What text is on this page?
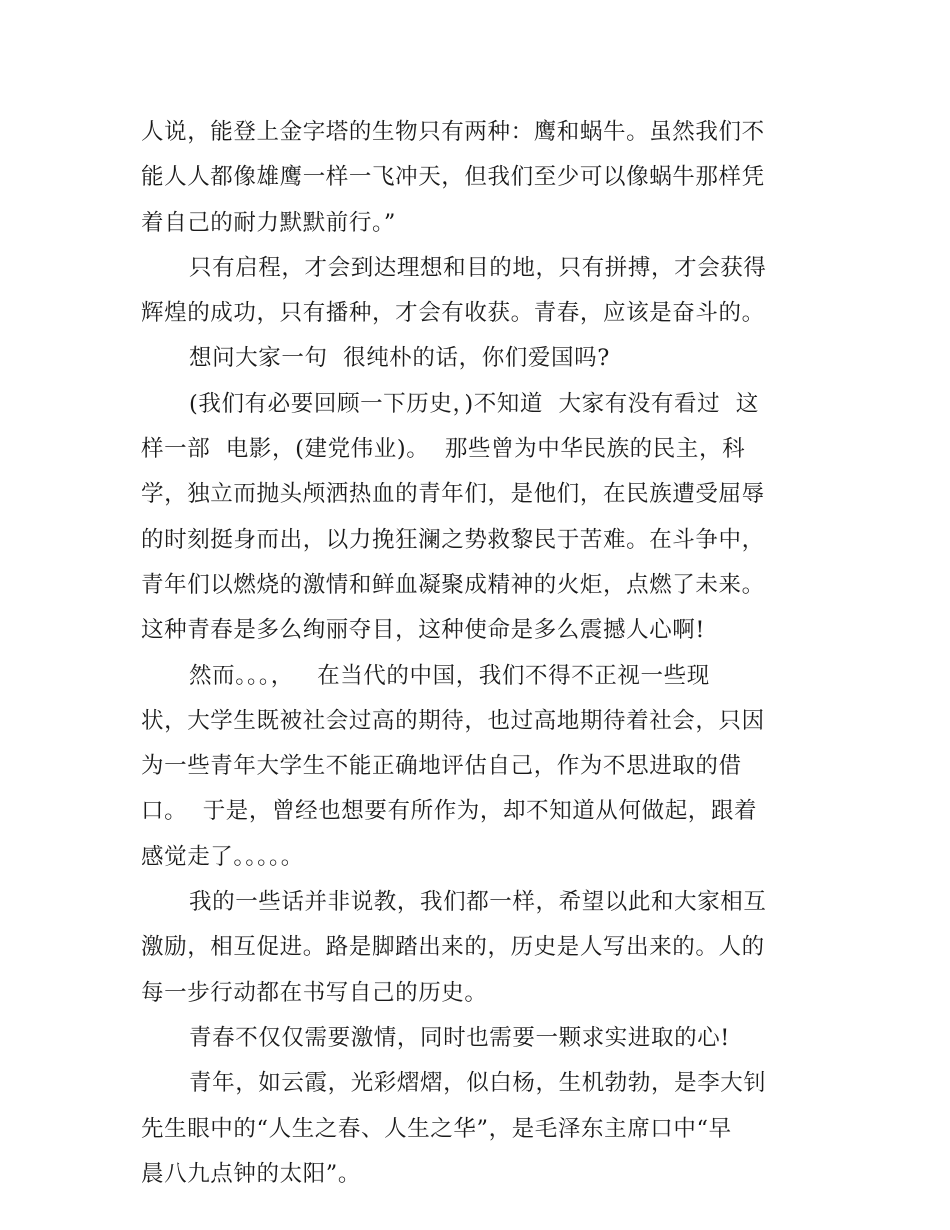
人说，能登上金字塔的生物只有两种：鹰和蜗牛。虽然我们不
能人人都像雄鹰一样一飞冲天，但我们至少可以像蜗牛那样凭
着自己的耐力默默前行。”
只有启程，才会到达理想和目的地，只有拼搏，才会获得
辉煌的成功，只有播种，才会有收获。青春，应该是奋斗的。
想问大家一句  很纯朴的话，你们爱国吗?
(我们有必要回顾一下历史，)不知道  大家有没有看过  这
样一部  电影，(建党伟业)。  那些曾为中华民族的民主，科
学，独立而抛头颅洒热血的青年们，是他们，在民族遭受屈辱
的时刻挺身而出，以力挽狂澜之势救黎民于苦难。在斗争中，
青年们以燃烧的激情和鲜血凝聚成精神的火炬，点燃了未来。
这种青春是多么绚丽夺目，这种使命是多么震撼人心啊!
然而。。。，   在当代的中国，我们不得不正视一些现
状，大学生既被社会过高的期待，也过高地期待着社会，只因
为一些青年大学生不能正确地评估自己，作为不思进取的借
口。  于是，曾经也想要有所作为，却不知道从何做起，跟着
感觉走了。。。。。
我的一些话并非说教，我们都一样，希望以此和大家相互
激励，相互促进。路是脚踏出来的，历史是人写出来的。人的
每一步行动都在书写自己的历史。
青春不仅仅需要激情，同时也需要一颗求实进取的心!
青年，如云霞，光彩熠熠，似白杨，生机勃勃，是李大钊
先生眼中的“人生之春、人生之华”，是毛泽东主席口中“早
晨八九点钟的太阳”。
